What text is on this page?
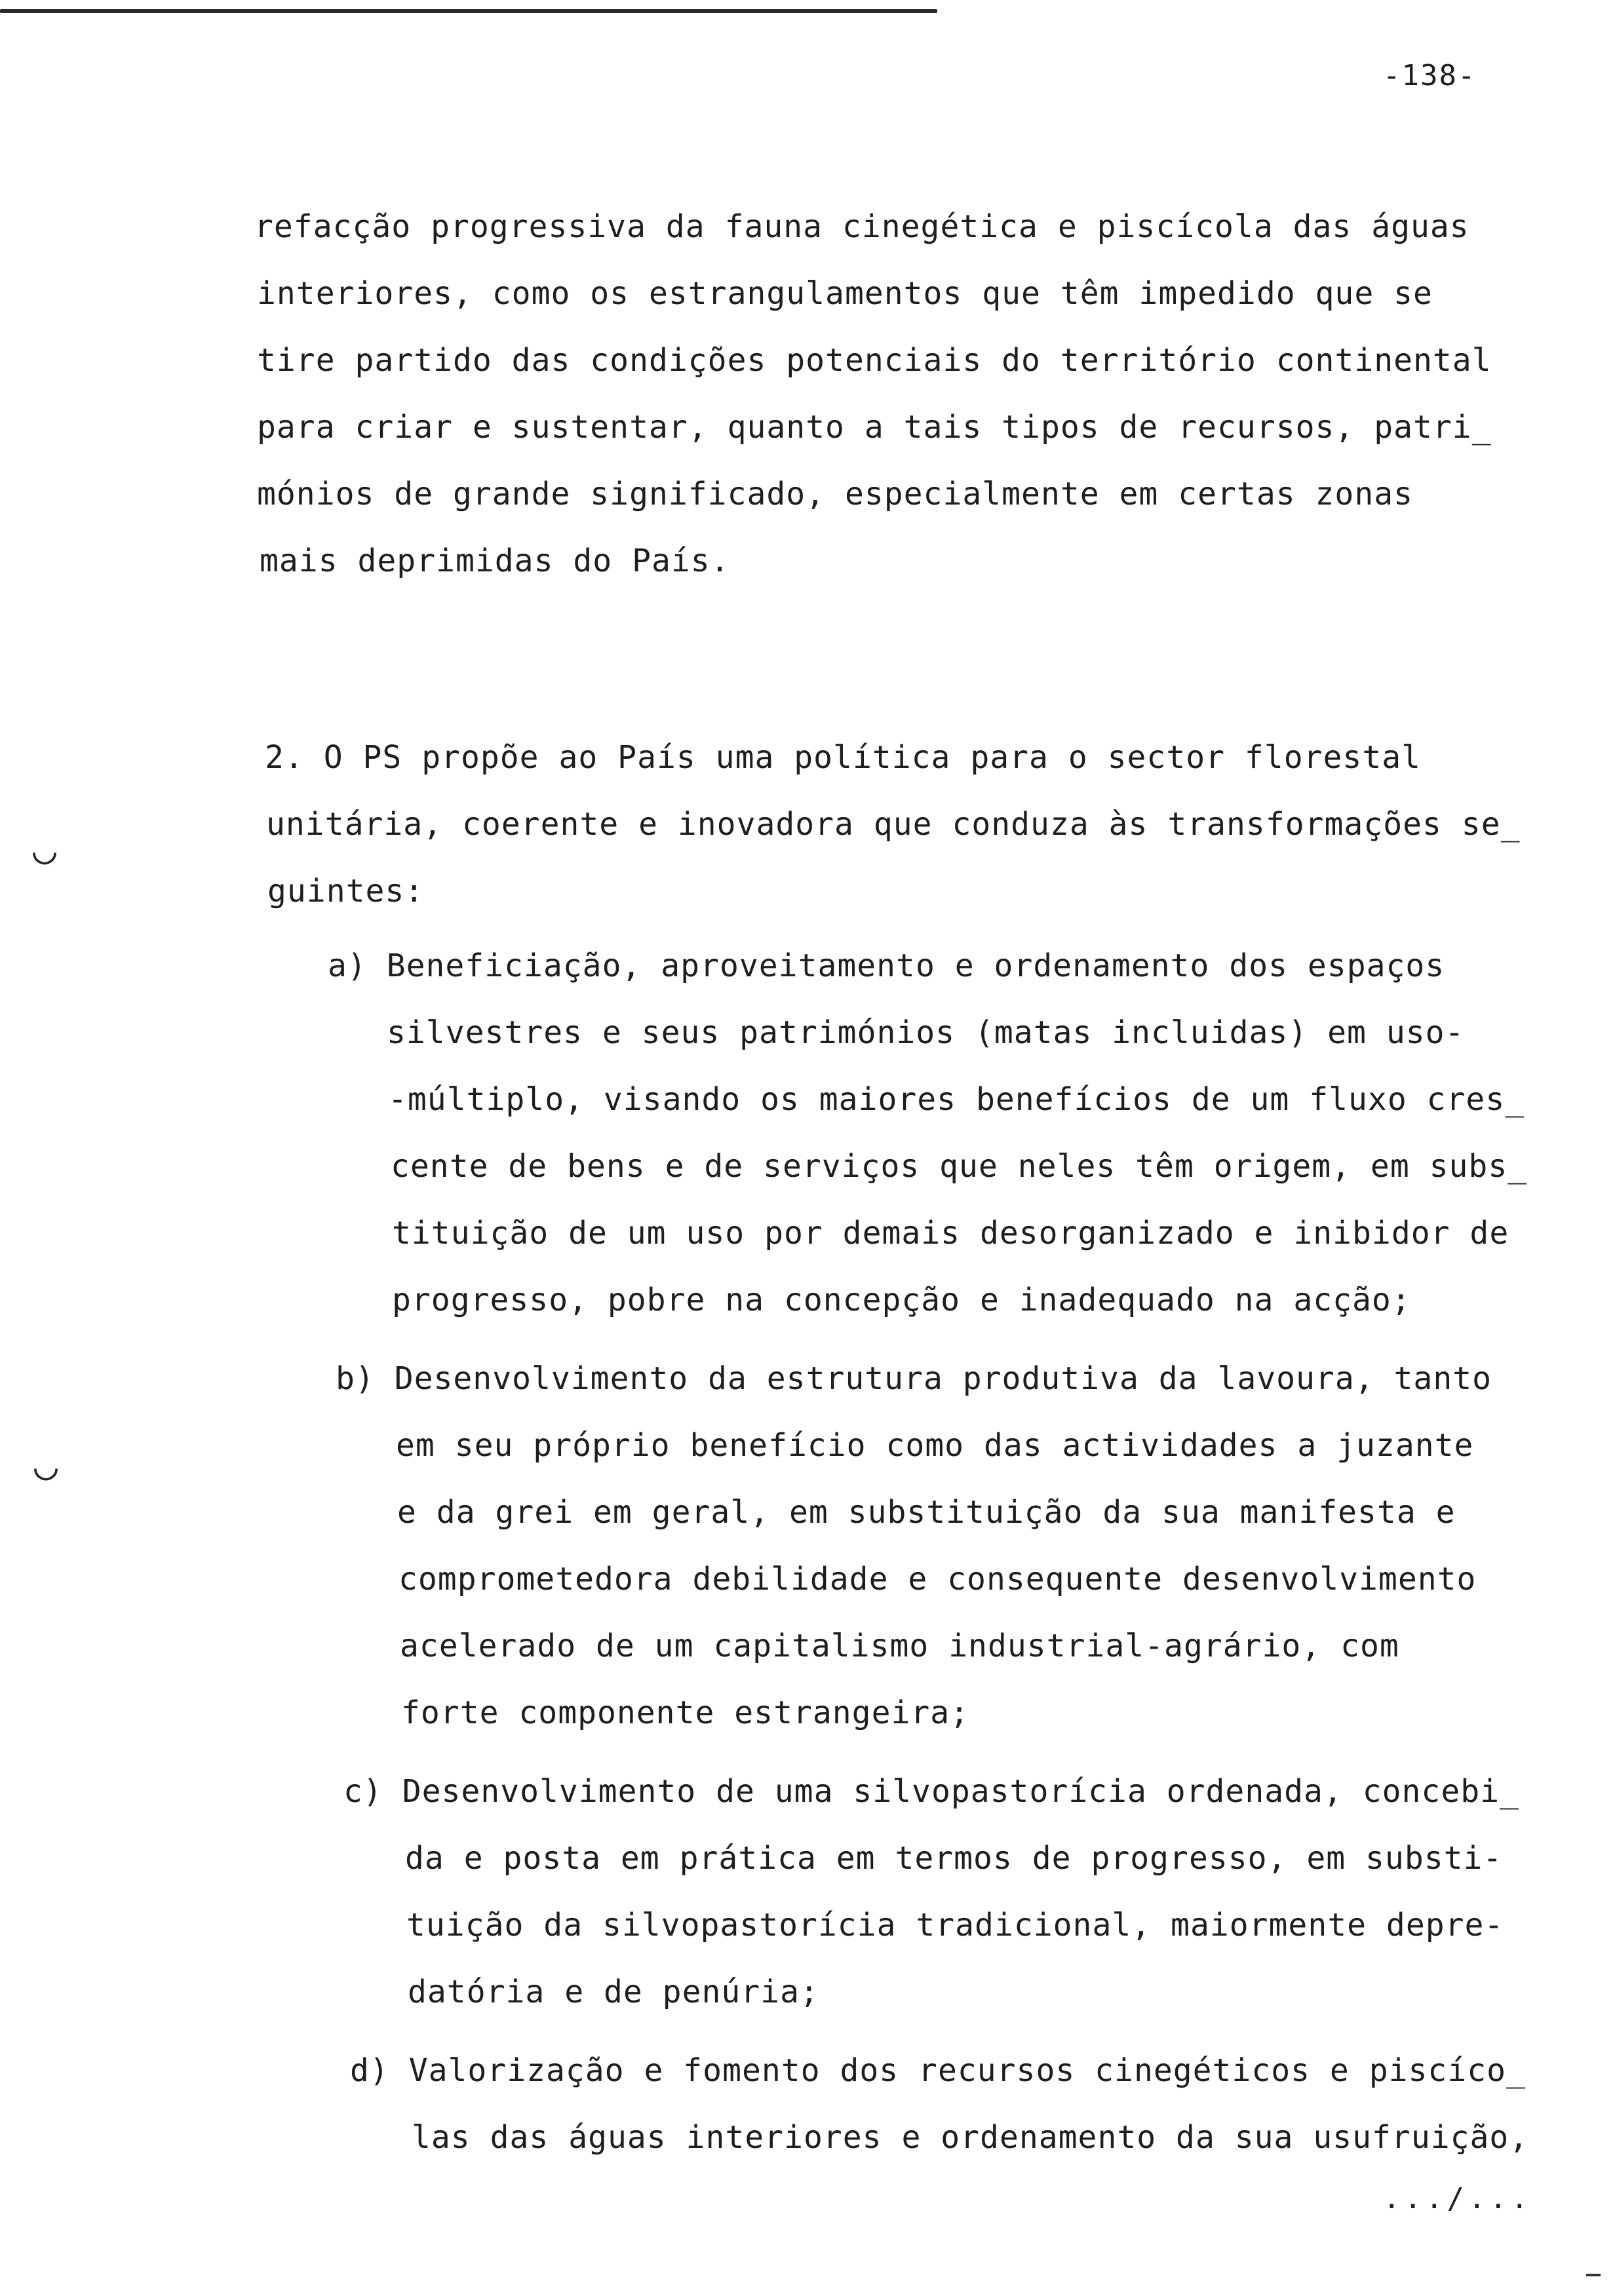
-138-
refacção progressiva da fauna cinegética e piscícola das águas
interiores, como os estrangulamentos que têm impedido que se
tire partido das condições potenciais do território continental
para criar e sustentar, quanto a tais tipos de recursos, patri_
mónios de grande significado, especialmente em certas zonas
mais deprimidas do País.
2. O PS propõe ao País uma política para o sector florestal
unitária, coerente e inovadora que conduza às transformações se_
guintes:
a) Beneficiação, aproveitamento e ordenamento dos espaços
silvestres e seus patrimónios (matas incluidas) em uso-
-múltiplo, visando os maiores benefícios de um fluxo cres_
cente de bens e de serviços que neles têm origem, em subs_
tituição de um uso por demais desorganizado e inibidor de
progresso, pobre na concepção e inadequado na acção;
b) Desenvolvimento da estrutura produtiva da lavoura, tanto
em seu próprio benefício como das actividades a juzante
e da grei em geral, em substituição da sua manifesta e
comprometedora debilidade e consequente desenvolvimento
acelerado de um capitalismo industrial-agrário, com
forte componente estrangeira;
c) Desenvolvimento de uma silvopastorícia ordenada, concebi_
da e posta em prática em termos de progresso, em substi-
tuição da silvopastorícia tradicional, maiormente depre-
datória e de penúria;
d) Valorização e fomento dos recursos cinegéticos e piscíco_
las das águas interiores e ordenamento da sua usufruição,
.../...
◡
◡
